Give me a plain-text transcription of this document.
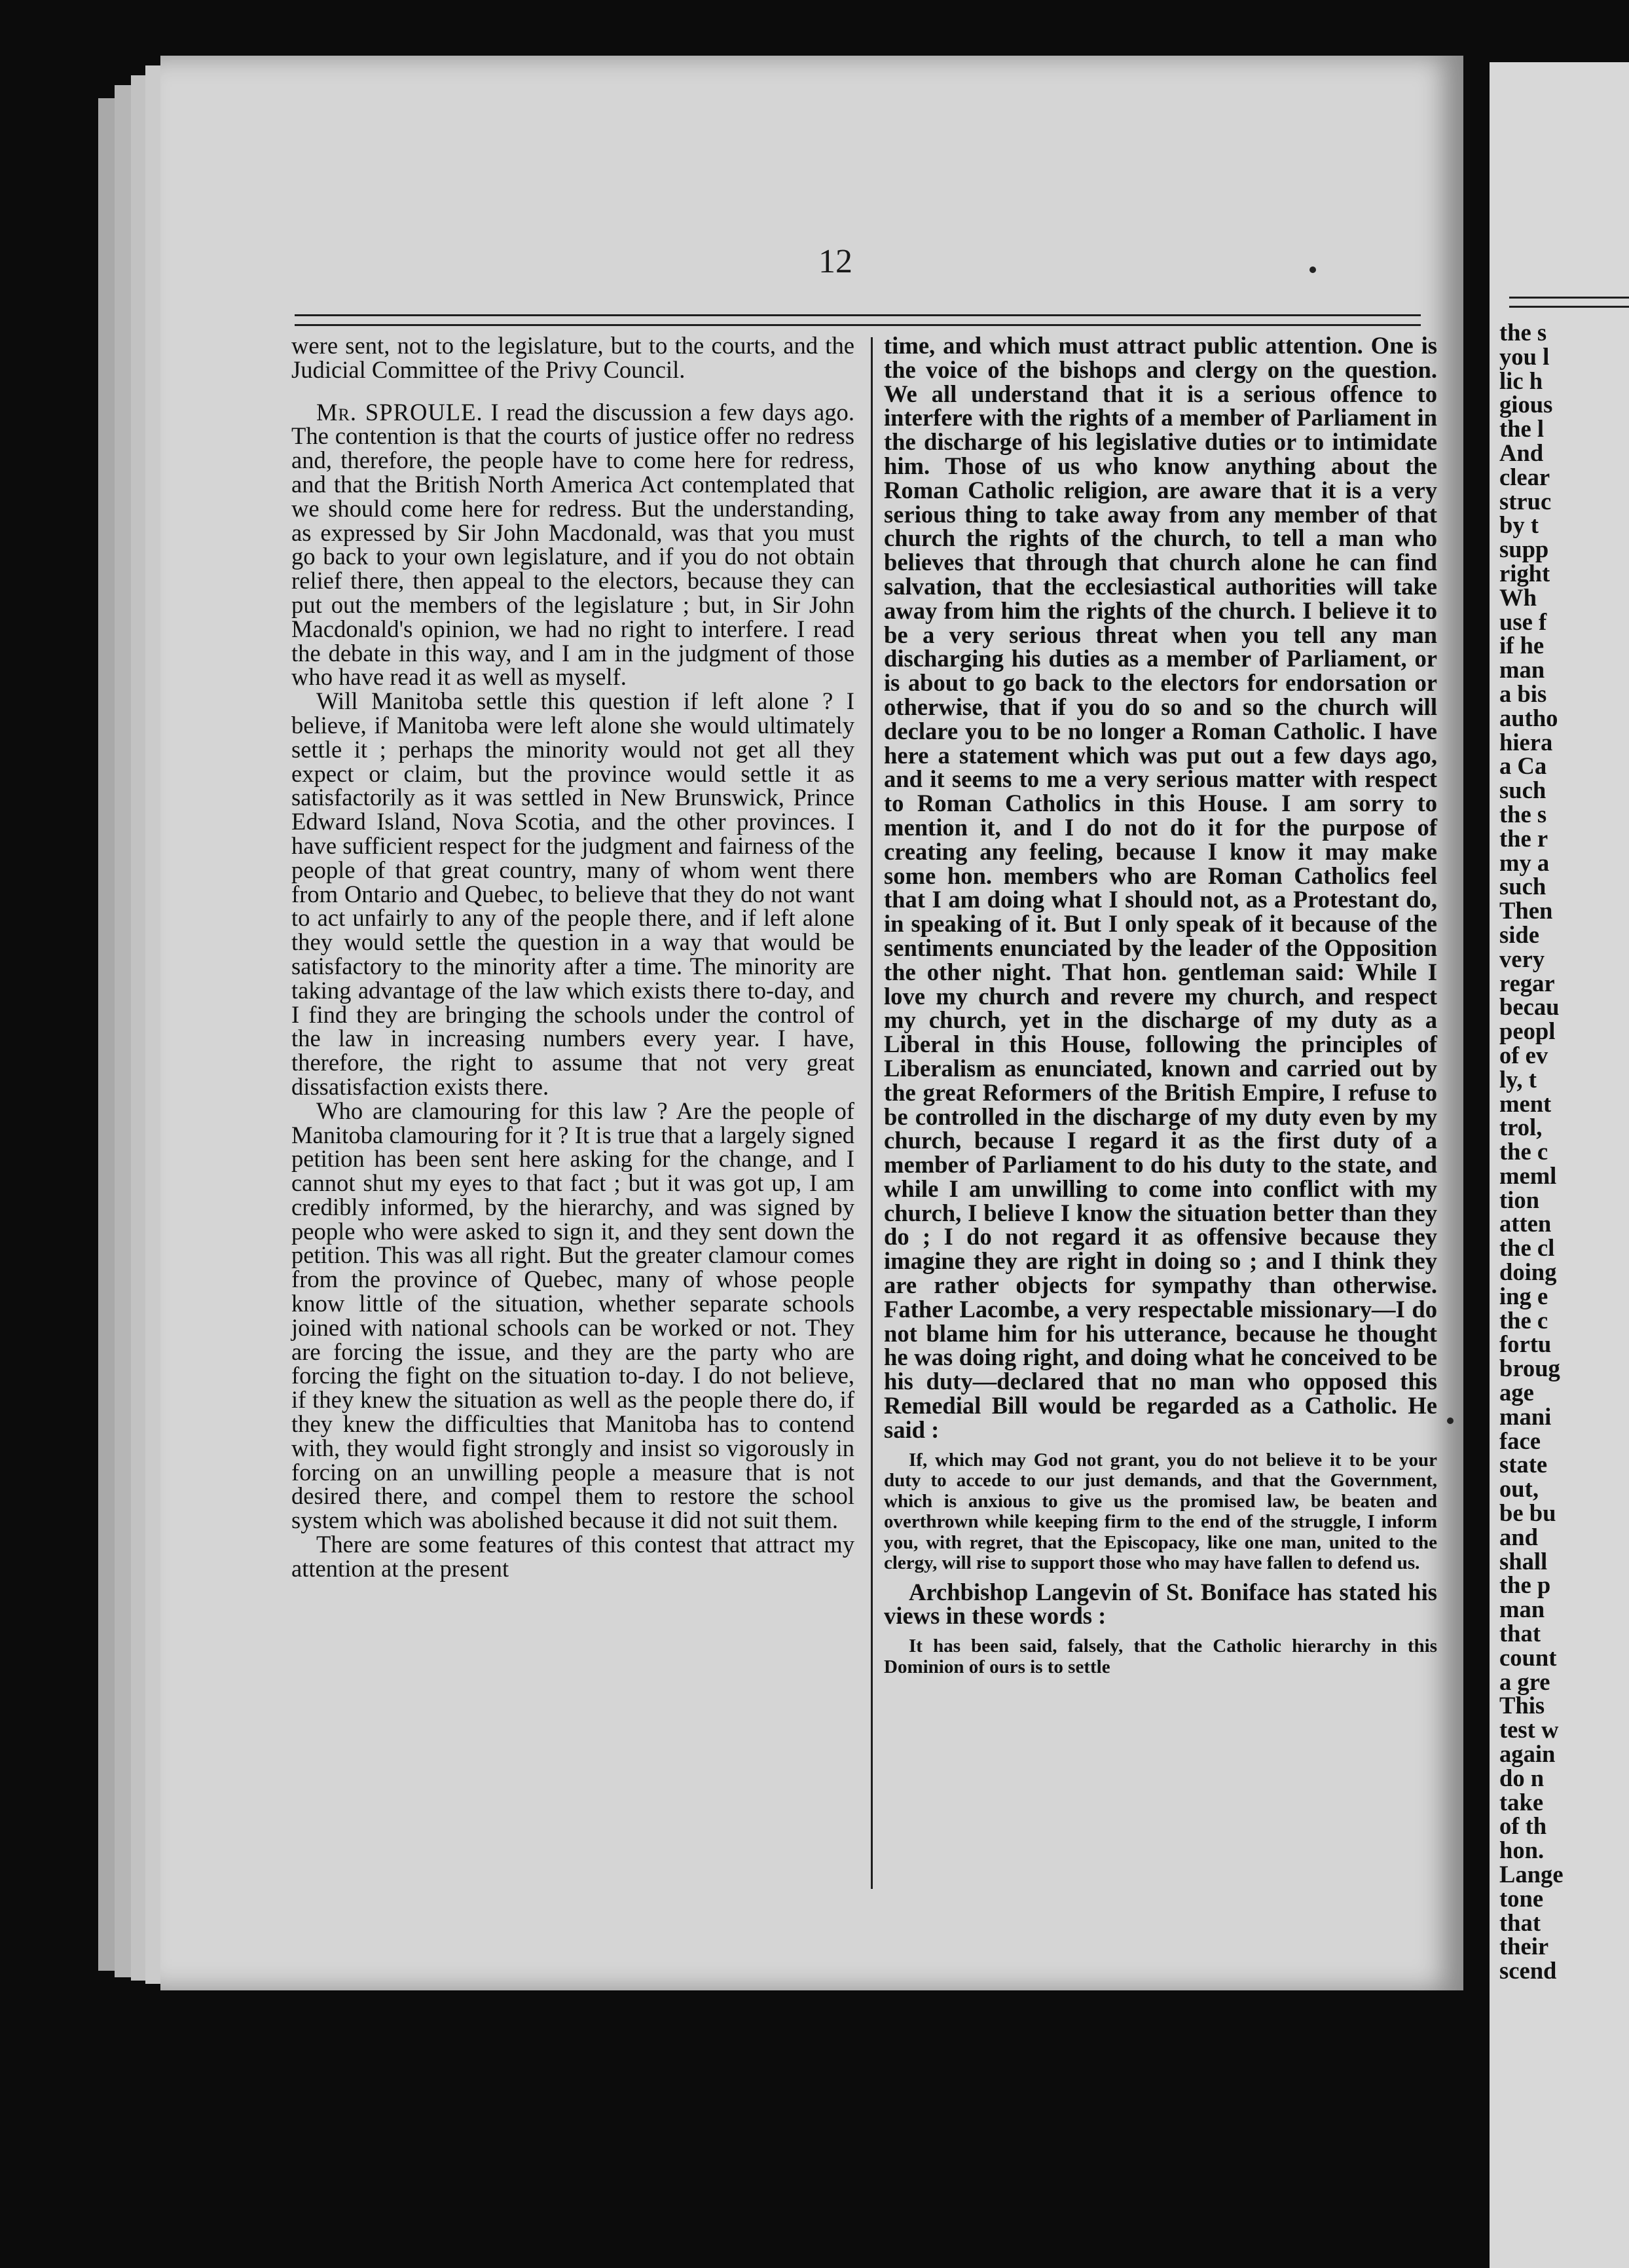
12

were sent, not to the legislature, but to the courts, and the Judicial Committee of the Privy Council.

Mr. SPROULE. I read the discussion a few days ago. The contention is that the courts of justice offer no redress and, therefore, the people have to come here for redress, and that the British North America Act contemplated that we should come here for redress. But the understanding, as expressed by Sir John Macdonald, was that you must go back to your own legislature, and if you do not obtain relief there, then appeal to the electors, because they can put out the members of the legislature ; but, in Sir John Macdonald's opinion, we had no right to interfere. I read the debate in this way, and I am in the judgment of those who have read it as well as myself.

Will Manitoba settle this question if left alone ? I believe, if Manitoba were left alone she would ultimately settle it ; perhaps the minority would not get all they expect or claim, but the province would settle it as satisfactorily as it was settled in New Brunswick, Prince Edward Island, Nova Scotia, and the other provinces. I have sufficient respect for the judgment and fairness of the people of that great country, many of whom went there from Ontario and Quebec, to believe that they do not want to act unfairly to any of the people there, and if left alone they would settle the question in a way that would be satisfactory to the minority after a time. The minority are taking advantage of the law which exists there to-day, and I find they are bringing the schools under the control of the law in increasing numbers every year. I have, therefore, the right to assume that not very great dissatisfaction exists there.

Who are clamouring for this law ? Are the people of Manitoba clamouring for it ? It is true that a largely signed petition has been sent here asking for the change, and I cannot shut my eyes to that fact ; but it was got up, I am credibly informed, by the hierarchy, and was signed by people who were asked to sign it, and they sent down the petition. This was all right. But the greater clamour comes from the province of Quebec, many of whose people know little of the situation, whether separate schools joined with national schools can be worked or not. They are forcing the issue, and they are the party who are forcing the fight on the situation to-day. I do not believe, if they knew the situation as well as the people there do, if they knew the difficulties that Manitoba has to contend with, they would fight strongly and insist so vigorously in forcing on an unwilling people a measure that is not desired there, and compel them to restore the school system which was abolished because it did not suit them.

There are some features of this contest that attract my attention at the present

time, and which must attract public attention. One is the voice of the bishops and clergy on the question. We all understand that it is a serious offence to interfere with the rights of a member of Parliament in the discharge of his legislative duties or to intimidate him. Those of us who know anything about the Roman Catholic religion, are aware that it is a very serious thing to take away from any member of that church the rights of the church, to tell a man who believes that through that church alone he can find salvation, that the ecclesiastical authorities will take away from him the rights of the church. I believe it to be a very serious threat when you tell any man discharging his duties as a member of Parliament, or is about to go back to the electors for endorsation or otherwise, that if you do so and so the church will declare you to be no longer a Roman Catholic. I have here a statement which was put out a few days ago, and it seems to me a very serious matter with respect to Roman Catholics in this House. I am sorry to mention it, and I do not do it for the purpose of creating any feeling, because I know it may make some hon. members who are Roman Catholics feel that I am doing what I should not, as a Protestant do, in speaking of it. But I only speak of it because of the sentiments enunciated by the leader of the Opposition the other night. That hon. gentleman said: While I love my church and revere my church, and respect my church, yet in the discharge of my duty as a Liberal in this House, following the principles of Liberalism as enunciated, known and carried out by the great Reformers of the British Empire, I refuse to be controlled in the discharge of my duty even by my church, because I regard it as the first duty of a member of Parliament to do his duty to the state, and while I am unwilling to come into conflict with my church, I believe I know the situation better than they do ; I do not regard it as offensive because they imagine they are right in doing so ; and I think they are rather objects for sympathy than otherwise. Father Lacombe, a very respectable missionary—I do not blame him for his utterance, because he thought he was doing right, and doing what he conceived to be his duty—declared that no man who opposed this Remedial Bill would be regarded as a Catholic. He said :

If, which may God not grant, you do not believe it to be your duty to accede to our just demands, and that the Government, which is anxious to give us the promised law, be beaten and overthrown while keeping firm to the end of the struggle, I inform you, with regret, that the Episcopacy, like one man, united to the clergy, will rise to support those who may have fallen to defend us.

Archbishop Langevin of St. Boniface has stated his views in these words :

It has been said, falsely, that the Catholic hierarchy in this Dominion of ours is to settle

the s

you l

lic h

gious

the l

And

clear

struc

by t

supp

right

Wh

use f

if he

man

a bis

autho

hiera

a Ca

such

the s

the r

my a

such

Then

side

very

regar

becau

peopl

of ev

ly, t

ment

trol,

the c

meml

tion

atten

the cl

doing

ing e

the c

fortu

broug

age

mani

face

state

out,

be bu

and

shall

the p

man

that

count

a gre

This

test w

again

do n

take

of th

hon.

Lange

tone

that

their

scend
